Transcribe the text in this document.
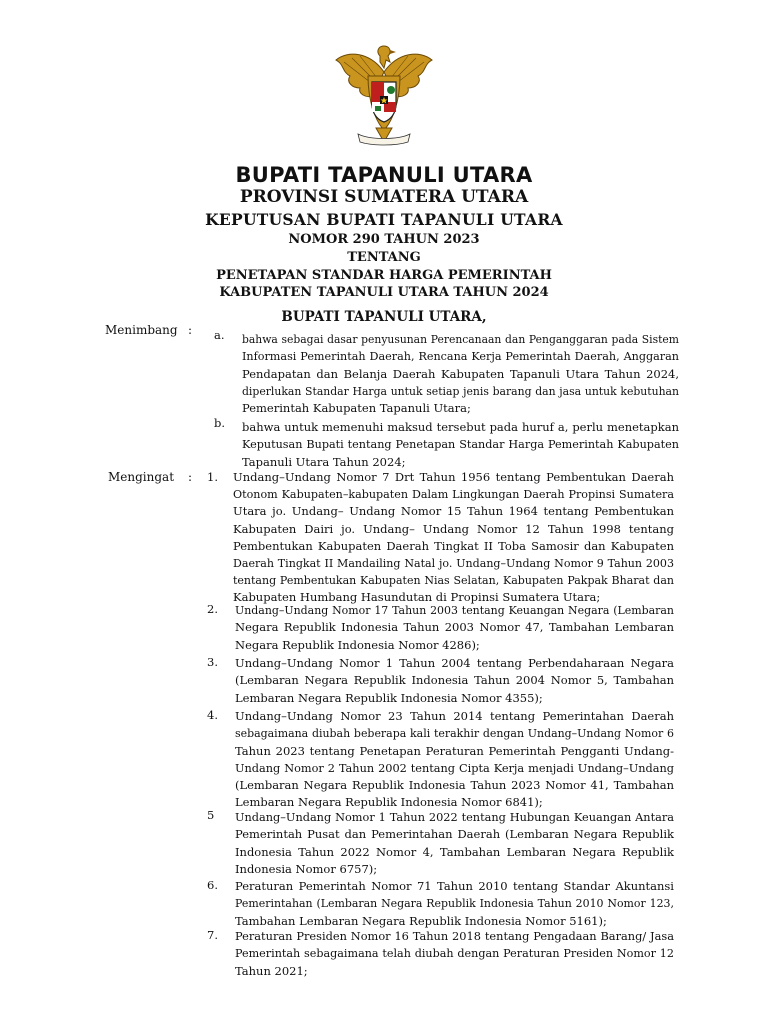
BUPATI TAPANULI UTARA
PROVINSI SUMATERA UTARA
KEPUTUSAN BUPATI TAPANULI UTARA
NOMOR 290 TAHUN 2023
TENTANG
PENETAPAN STANDAR HARGA PEMERINTAH
KABUPATEN TAPANULI UTARA TAHUN 2024
BUPATI TAPANULI UTARA,
Menimbang : a. bahwa sebagai dasar penyusunan Perencanaan dan Penganggaran pada Sistem
Informasi Pemerintah Daerah, Rencana Kerja Pemerintah Daerah, Anggaran
Pendapatan dan Belanja Daerah Kabupaten Tapanuli Utara Tahun 2024,
diperlukan Standar Harga untuk setiap jenis barang dan jasa untuk kebutuhan
Pemerintah Kabupaten Tapanuli Utara;
b. bahwa untuk memenuhi maksud tersebut pada huruf a, perlu menetapkan
Keputusan Bupati tentang Penetapan Standar Harga Pemerintah Kabupaten
Tapanuli Utara Tahun 2024;
Mengingat : 1. Undang–Undang Nomor 7 Drt Tahun 1956 tentang Pembentukan Daerah
Otonom Kabupaten–kabupaten Dalam Lingkungan Daerah Propinsi Sumatera
Utara jo. Undang– Undang Nomor 15 Tahun 1964 tentang Pembentukan
Kabupaten Dairi jo. Undang– Undang Nomor 12 Tahun 1998 tentang
Pembentukan Kabupaten Daerah Tingkat II Toba Samosir dan Kabupaten
Daerah Tingkat II Mandailing Natal jo. Undang–Undang Nomor 9 Tahun 2003
tentang Pembentukan Kabupaten Nias Selatan, Kabupaten Pakpak Bharat dan
Kabupaten Humbang Hasundutan di Propinsi Sumatera Utara;
2. Undang–Undang Nomor 17 Tahun 2003 tentang Keuangan Negara (Lembaran
Negara Republik Indonesia Tahun 2003 Nomor 47, Tambahan Lembaran
Negara Republik Indonesia Nomor 4286);
3. Undang–Undang Nomor 1 Tahun 2004 tentang Perbendaharaan Negara
(Lembaran Negara Republik Indonesia Tahun 2004 Nomor 5, Tambahan
Lembaran Negara Republik Indonesia Nomor 4355);
4. Undang–Undang Nomor 23 Tahun 2014 tentang Pemerintahan Daerah
sebagaimana diubah beberapa kali terakhir dengan Undang–Undang Nomor 6
Tahun 2023 tentang Penetapan Peraturan Pemerintah Pengganti Undang-
Undang Nomor 2 Tahun 2002 tentang Cipta Kerja menjadi Undang–Undang
(Lembaran Negara Republik Indonesia Tahun 2023 Nomor 41, Tambahan
Lembaran Negara Republik Indonesia Nomor 6841);
5 Undang–Undang Nomor 1 Tahun 2022 tentang Hubungan Keuangan Antara
Pemerintah Pusat dan Pemerintahan Daerah (Lembaran Negara Republik
Indonesia Tahun 2022 Nomor 4, Tambahan Lembaran Negara Republik
Indonesia Nomor 6757);
6. Peraturan Pemerintah Nomor 71 Tahun 2010 tentang Standar Akuntansi
Pemerintahan (Lembaran Negara Republik Indonesia Tahun 2010 Nomor 123,
Tambahan Lembaran Negara Republik Indonesia Nomor 5161);
7. Peraturan Presiden Nomor 16 Tahun 2018 tentang Pengadaan Barang/ Jasa
Pemerintah sebagaimana telah diubah dengan Peraturan Presiden Nomor 12
Tahun 2021;
